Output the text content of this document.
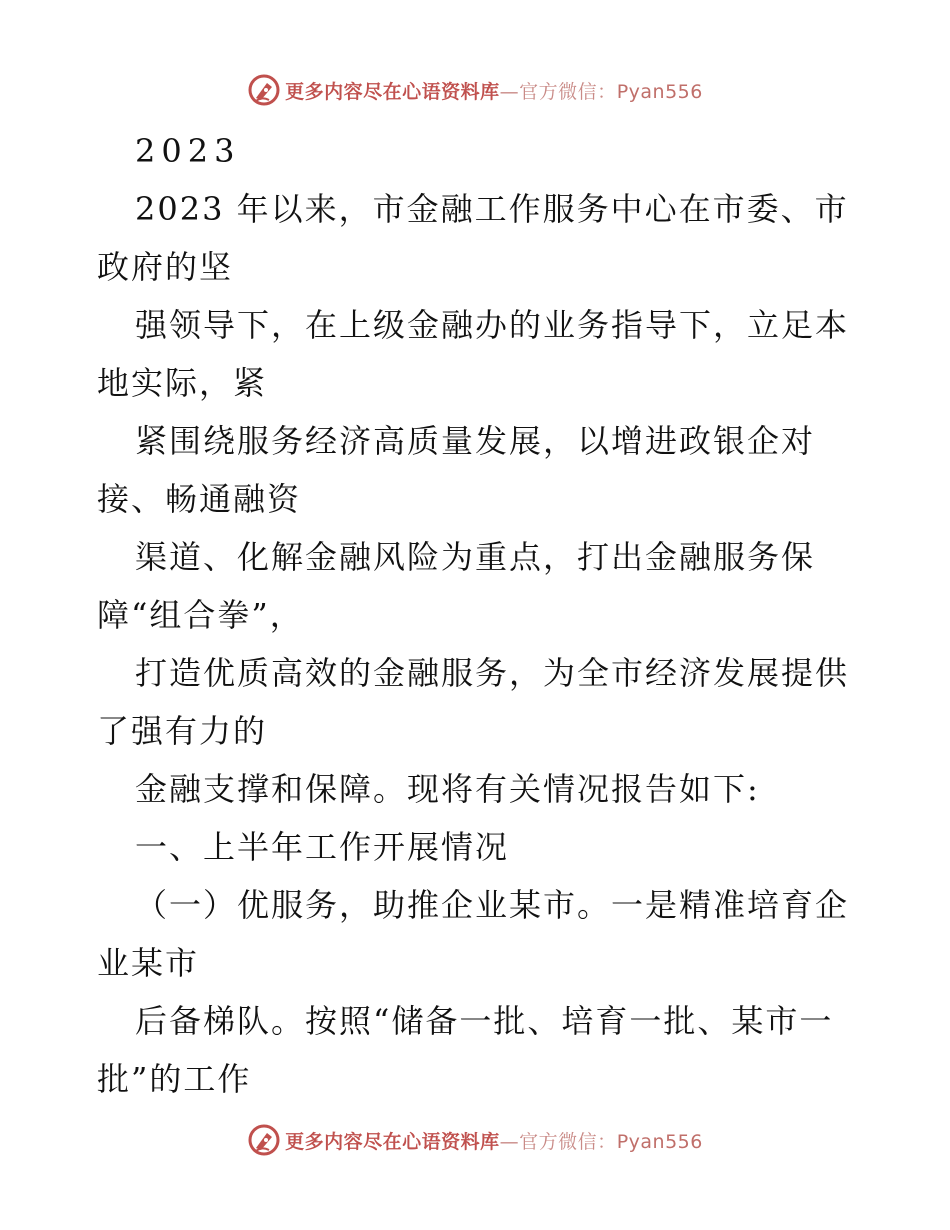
更多内容尽在心语资料库—官方微信：Pyan556

2023

2023 年以来，市金融工作服务中心在市委、市政府的坚

强领导下，在上级金融办的业务指导下，立足本地实际，紧

紧围绕服务经济高质量发展，以增进政银企对接、畅通融资

渠道、化解金融风险为重点，打出金融服务保障“组合拳”，

打造优质高效的金融服务，为全市经济发展提供了强有力的

金融支撑和保障。现将有关情况报告如下:

一、上半年工作开展情况

（一）优服务，助推企业某市。一是精准培育企业某市

后备梯队。按照“储备一批、培育一批、某市一批”的工作

更多内容尽在心语资料库—官方微信：Pyan556
